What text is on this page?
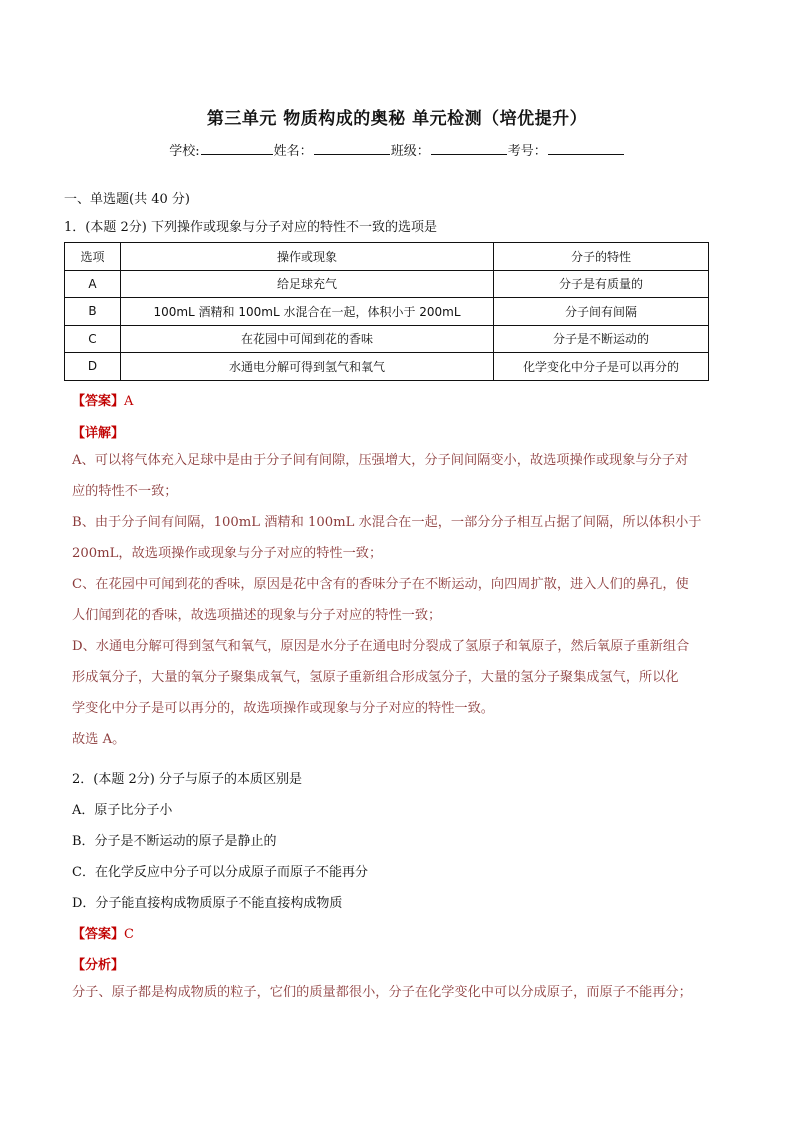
第三单元 物质构成的奥秘 单元检测（培优提升）
学校:	姓名：	班级：	考号：
一、单选题(共 40 分)
1．(本题 2分) 下列操作或现象与分子对应的特性不一致的选项是
选项	操作或现象	分子的特性
A	给足球充气	分子是有质量的
B	100mL 酒精和 100mL 水混合在一起，体积小于 200mL	分子间有间隔
C	在花园中可闻到花的香味	分子是不断运动的
D	水通电分解可得到氢气和氧气	化学变化中分子是可以再分的
【答案】A
【详解】
A、可以将气体充入足球中是由于分子间有间隙，压强增大，分子间间隔变小，故选项操作或现象与分子对
应的特性不一致；
B、由于分子间有间隔，100mL 酒精和 100mL 水混合在一起，一部分分子相互占据了间隔，所以体积小于
200mL，故选项操作或现象与分子对应的特性一致；
C、在花园中可闻到花的香味，原因是花中含有的香味分子在不断运动，向四周扩散，进入人们的鼻孔，使
人们闻到花的香味，故选项描述的现象与分子对应的特性一致；
D、水通电分解可得到氢气和氧气，原因是水分子在通电时分裂成了氢原子和氧原子，然后氧原子重新组合
形成氧分子，大量的氧分子聚集成氧气，氢原子重新组合形成氢分子，大量的氢分子聚集成氢气，所以化
学变化中分子是可以再分的，故选项操作或现象与分子对应的特性一致。
故选 A。
2．(本题 2分) 分子与原子的本质区别是
A．原子比分子小
B．分子是不断运动的原子是静止的
C．在化学反应中分子可以分成原子而原子不能再分
D．分子能直接构成物质原子不能直接构成物质
【答案】C
【分析】
分子、原子都是构成物质的粒子，它们的质量都很小，分子在化学变化中可以分成原子，而原子不能再分；
